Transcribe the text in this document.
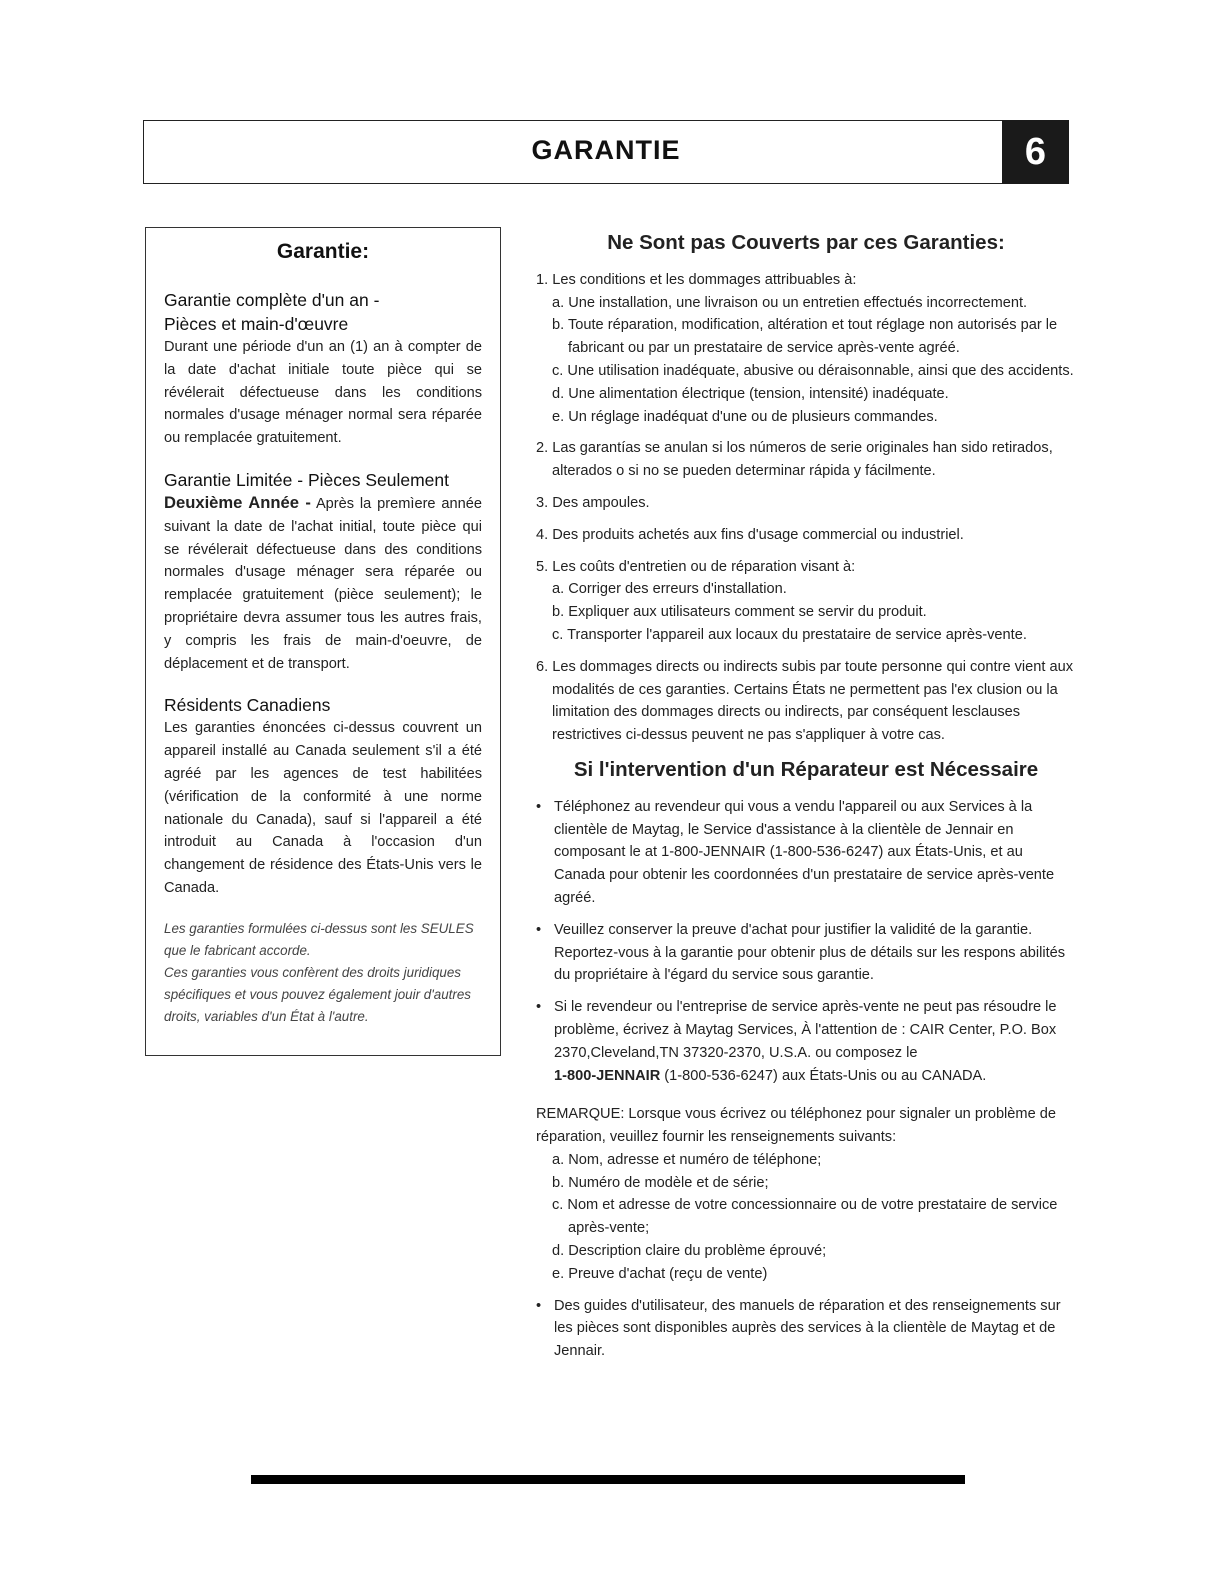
GARANTIE	6
Garantie:

Garantie complète d'un an -

Pièces et main-d'œuvre

Durant une période d'un an (1) an à compter de la date d'achat initiale toute pièce qui se révélerait défectueuse dans les conditions normales d'usage ménager normal sera réparée ou remplacée gratuitement.

Garantie Limitée - Pièces Seulement

Deuxième Année - Après la premìere année suivant la date de l'achat initial, toute pièce qui se révélerait défectueuse dans des conditions normales d'usage ménager sera réparée ou remplacée gratuitement (pièce seulement); le propriétaire devra assumer tous les autres frais, y compris les frais de main-d'oeuvre, de déplacement et de transport.

Résidents Canadiens

Les garanties énoncées ci-dessus couvrent un appareil installé au Canada seulement s'il a été agréé par les agences de test habilitées (vérification de la conformité à une norme nationale du Canada), sauf si l'appareil a été introduit au Canada à l'occasion d'un changement de résidence des États-Unis vers le Canada.

Les garanties formulées ci-dessus sont les SEULES que le fabricant accorde.

Ces garanties vous confèrent des droits juridiques spécifiques et vous pouvez également jouir d'autres droits, variables d'un État à l'autre.

Ne Sont pas Couverts par ces Garanties:
1. Les conditions et les dommages attribuables à:
a. Une installation, une livraison ou un entretien effectués incorrectement.
b. Toute réparation, modification, altération et tout réglage non autorisés par le fabricant ou par un prestataire de service après-vente agréé.
c. Une utilisation inadéquate, abusive ou déraisonnable, ainsi que des accidents.
d. Une alimentation électrique (tension, intensité) inadéquate.
e. Un réglage inadéquat d'une ou de plusieurs commandes.
2. Las garantías se anulan si los números de serie originales han sido retirados, alterados o si no se pueden determinar rápida y fácilmente.
3. Des ampoules.
4. Des produits achetés aux fins d'usage commercial ou industriel.
5. Les coûts d'entretien ou de réparation visant à:
a. Corriger des erreurs d'installation.
b. Expliquer aux utilisateurs comment se servir du produit.
c. Transporter l'appareil aux locaux du prestataire de service après-vente.
6. Les dommages directs ou indirects subis par toute personne qui contre vient aux modalités de ces garanties. Certains États ne permettent pas l'ex clusion ou la limitation des dommages directs ou indirects, par conséquent lesclauses restrictives ci-dessus peuvent ne pas s'appliquer à votre cas.
Si l'intervention d'un Réparateur est Nécessaire
• Téléphonez au revendeur qui vous a vendu l'appareil ou aux Services à la clientèle de Maytag, le Service d'assistance à la clientèle de Jennair en composant le at 1-800-JENNAIR (1-800-536-6247) aux États-Unis, et au Canada pour obtenir les coordonnées d'un prestataire de service après-vente agréé.
• Veuillez conserver la preuve d'achat pour justifier la validité de la garantie. Reportez-vous à la garantie pour obtenir plus de détails sur les respons abilités du propriétaire à l'égard du service sous garantie.
• Si le revendeur ou l'entreprise de service après-vente ne peut pas résoudre le problème, écrivez à Maytag Services, À l'attention de : CAIR Center, P.O. Box 2370,Cleveland,TN 37320-2370, U.S.A. ou composez le
1-800-JENNAIR (1-800-536-6247) aux États-Unis ou au CANADA.
REMARQUE: Lorsque vous écrivez ou téléphonez pour signaler un problème de réparation, veuillez fournir les renseignements suivants:
a. Nom, adresse et numéro de téléphone;
b. Numéro de modèle et de série;
c. Nom et adresse de votre concessionnaire ou de votre prestataire de service après-vente;
d. Description claire du problème éprouvé;
e. Preuve d'achat (reçu de vente)
• Des guides d'utilisateur, des manuels de réparation et des renseignements sur les pièces sont disponibles auprès des services à la clientèle de Maytag et de Jennair.
